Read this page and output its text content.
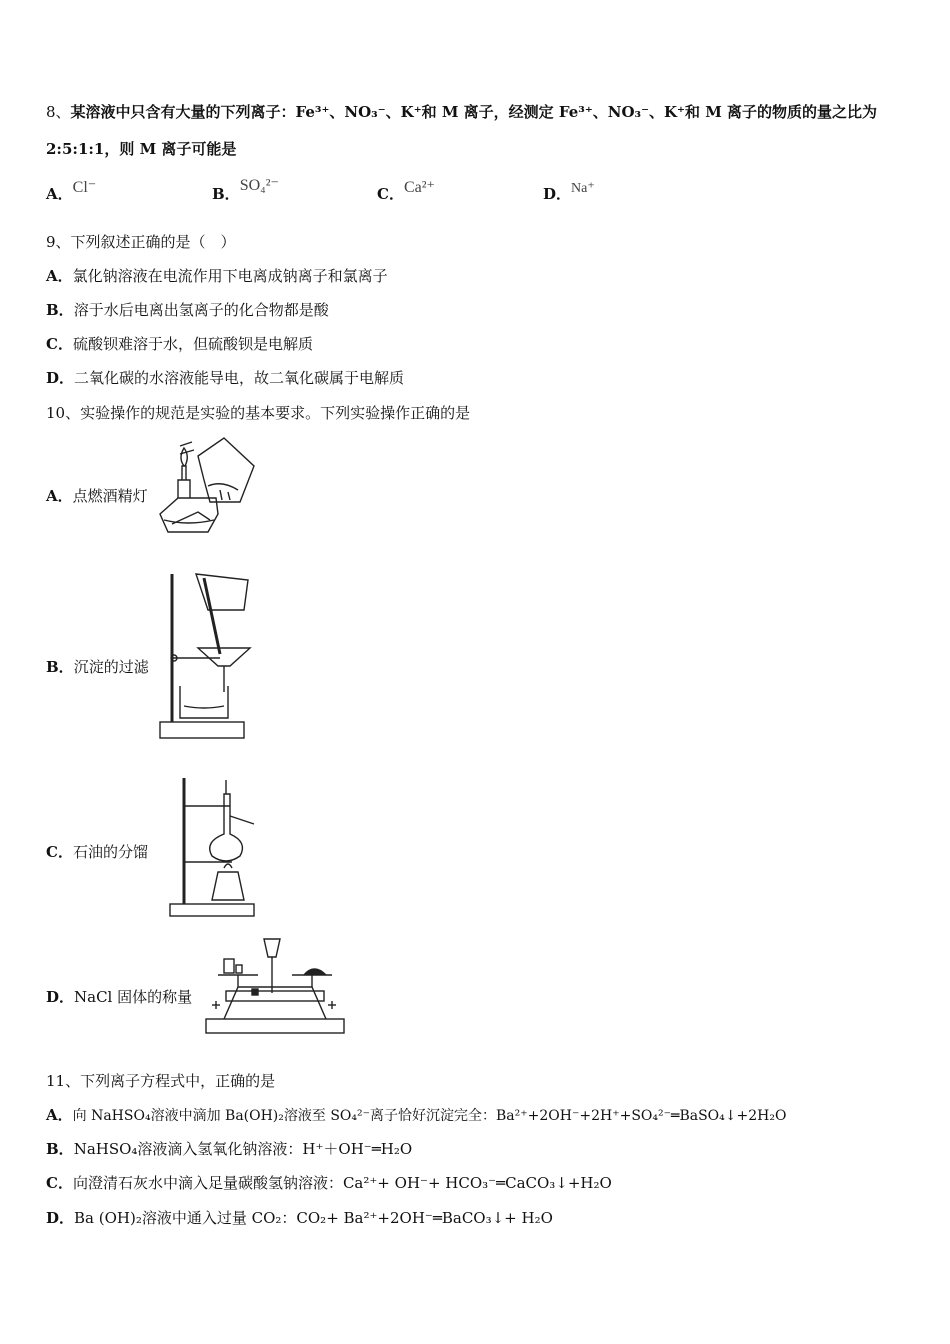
8、某溶液中只含有大量的下列离子：Fe³⁺、NO₃⁻、K⁺和 M 离子，经测定 Fe³⁺、NO₃⁻、K⁺和 M 离子的物质的量之比为
2:5:1:1，则 M 离子可能是
A．Cl⁻	B．SO₄²⁻	C．Ca²⁺	D．Na⁺
9、下列叙述正确的是（　）
A．氯化钠溶液在电流作用下电离成钠离子和氯离子
B．溶于水后电离出氢离子的化合物都是酸
C．硫酸钡难溶于水，但硫酸钡是电解质
D．二氧化碳的水溶液能导电，故二氧化碳属于电解质
10、实验操作的规范是实验的基本要求。下列实验操作正确的是
A．点燃酒精灯
B．沉淀的过滤
C．石油的分馏
D．NaCl 固体的称量
11、下列离子方程式中，正确的是
A．向 NaHSO₄溶液中滴加 Ba(OH)₂溶液至 SO₄²⁻离子恰好沉淀完全：Ba²⁺+2OH⁻+2H⁺+SO₄²⁻═BaSO₄↓+2H₂O
B．NaHSO₄溶液滴入氢氧化钠溶液：H⁺＋OH⁻═H₂O
C．向澄清石灰水中滴入足量碳酸氢钠溶液：Ca²⁺+ OH⁻+ HCO₃⁻═CaCO₃↓+H₂O
D．Ba (OH)₂溶液中通入过量 CO₂：CO₂+ Ba²⁺+2OH⁻═BaCO₃↓+ H₂O
